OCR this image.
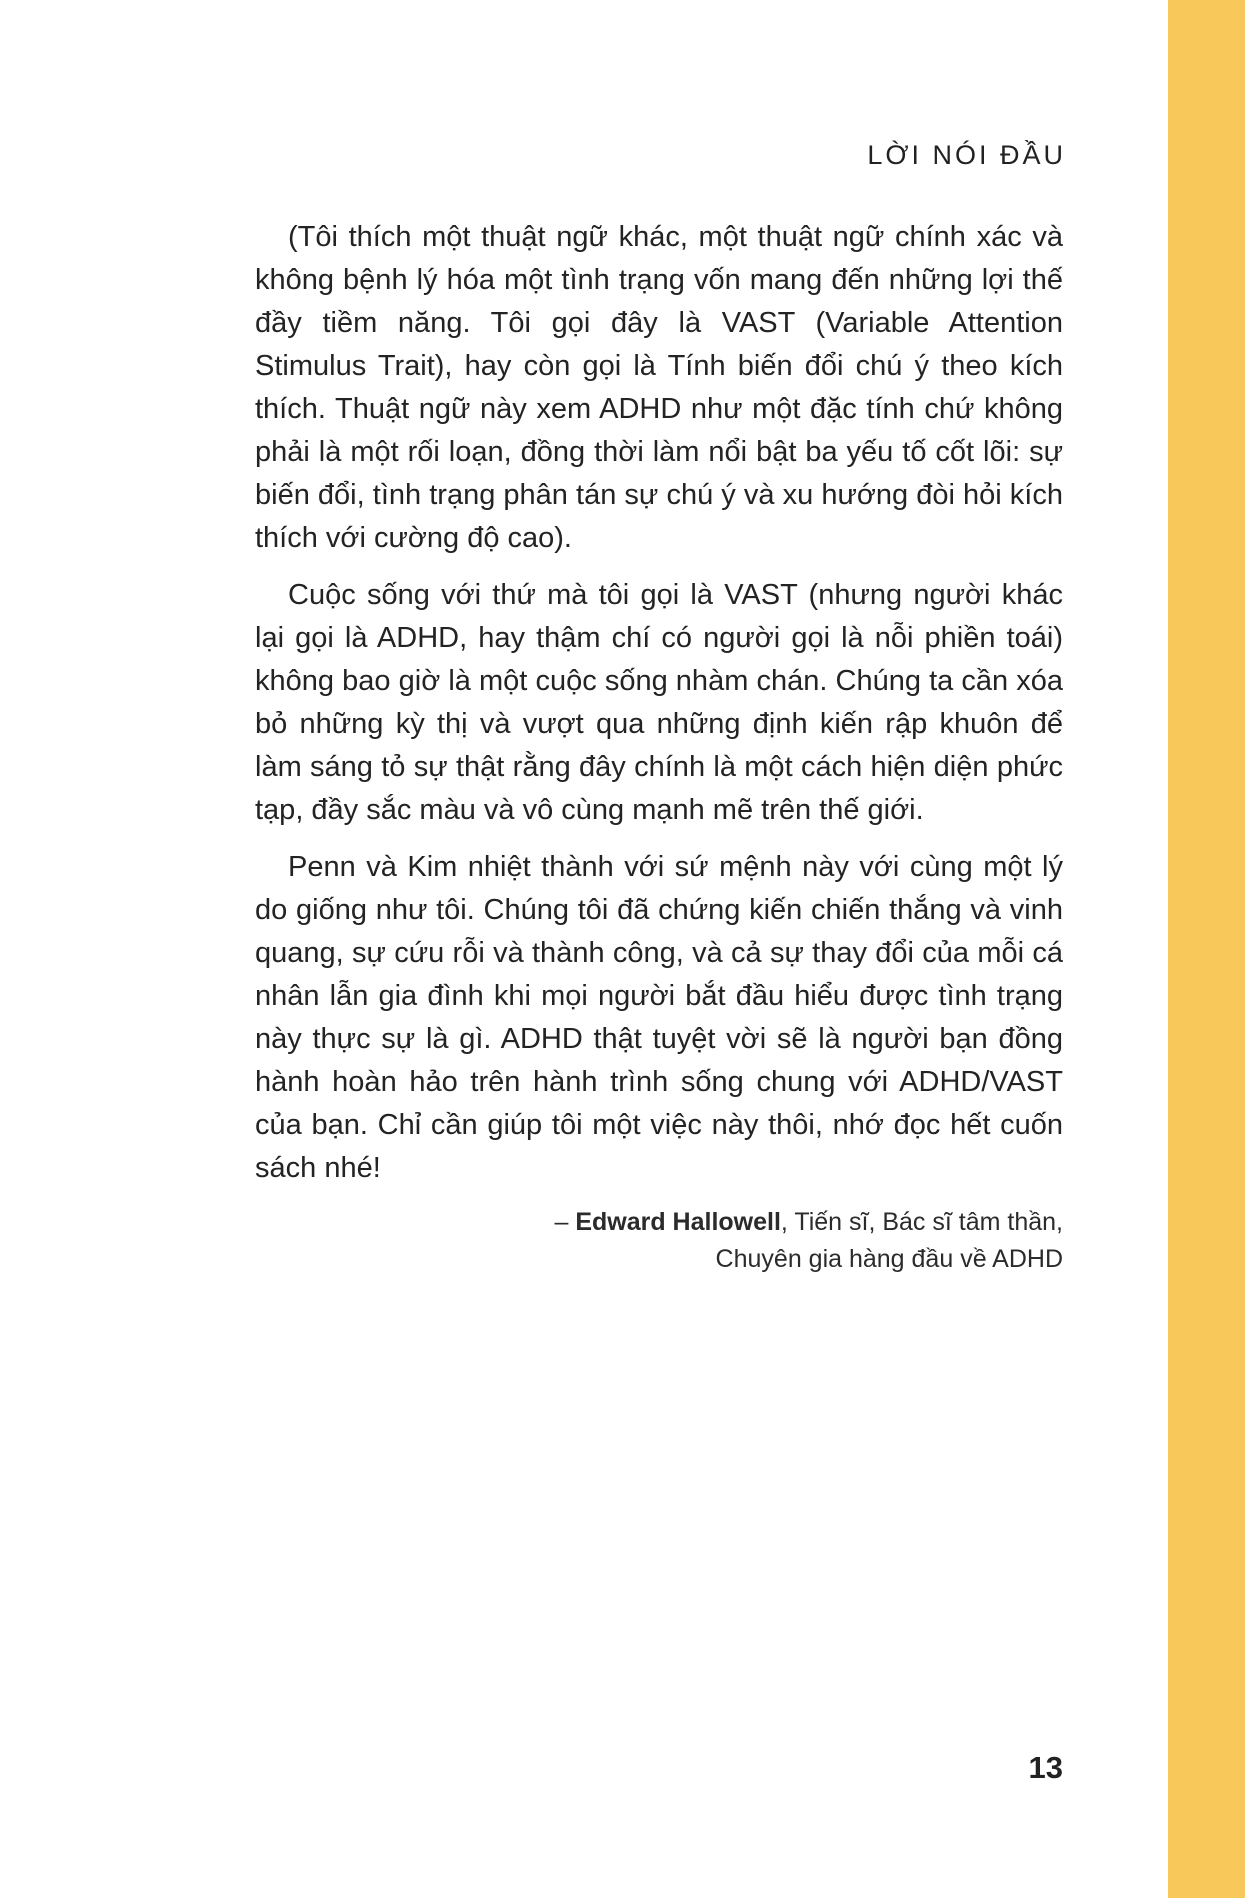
LỜI NÓI ĐẦU

(Tôi thích một thuật ngữ khác, một thuật ngữ chính xác và không bệnh lý hóa một tình trạng vốn mang đến những lợi thế đầy tiềm năng. Tôi gọi đây là VAST (Variable Attention Stimulus Trait), hay còn gọi là Tính biến đổi chú ý theo kích thích. Thuật ngữ này xem ADHD như một đặc tính chứ không phải là một rối loạn, đồng thời làm nổi bật ba yếu tố cốt lõi: sự biến đổi, tình trạng phân tán sự chú ý và xu hướng đòi hỏi kích thích với cường độ cao).

Cuộc sống với thứ mà tôi gọi là VAST (nhưng người khác lại gọi là ADHD, hay thậm chí có người gọi là nỗi phiền toái) không bao giờ là một cuộc sống nhàm chán. Chúng ta cần xóa bỏ những kỳ thị và vượt qua những định kiến rập khuôn để làm sáng tỏ sự thật rằng đây chính là một cách hiện diện phức tạp, đầy sắc màu và vô cùng mạnh mẽ trên thế giới.

Penn và Kim nhiệt thành với sứ mệnh này với cùng một lý do giống như tôi. Chúng tôi đã chứng kiến chiến thắng và vinh quang, sự cứu rỗi và thành công, và cả sự thay đổi của mỗi cá nhân lẫn gia đình khi mọi người bắt đầu hiểu được tình trạng này thực sự là gì. ADHD thật tuyệt vời sẽ là người bạn đồng hành hoàn hảo trên hành trình sống chung với ADHD/VAST của bạn. Chỉ cần giúp tôi một việc này thôi, nhớ đọc hết cuốn sách nhé!

– Edward Hallowell, Tiến sĩ, Bác sĩ tâm thần,
Chuyên gia hàng đầu về ADHD
13
